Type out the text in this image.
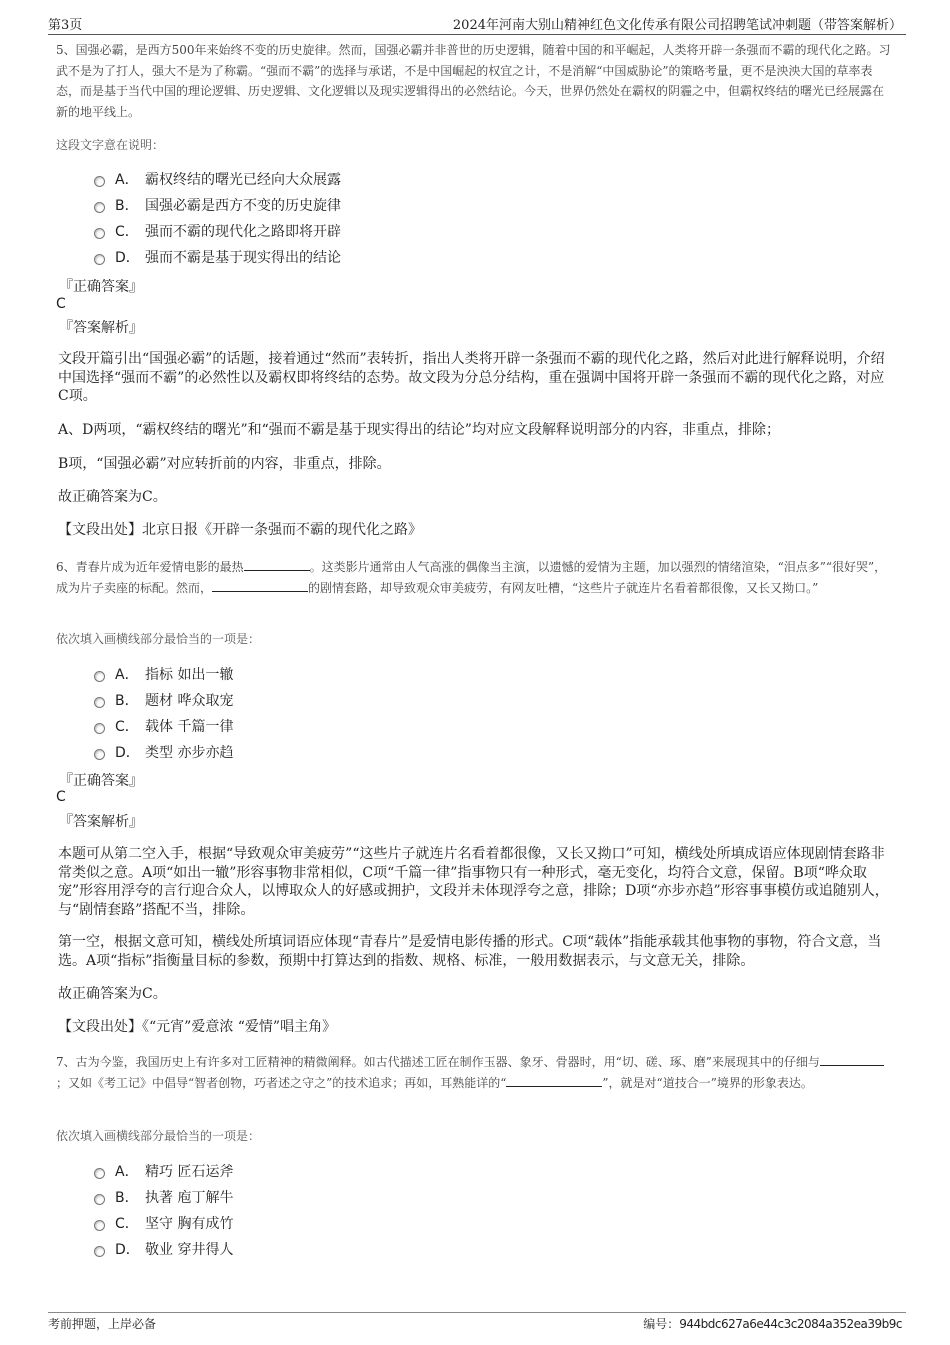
第3页	2024年河南大别山精神红色文化传承有限公司招聘笔试冲刺题（带答案解析）
5、国强必霸，是西方500年来始终不变的历史旋律。然而，国强必霸并非普世的历史逻辑，随着中国的和平崛起，人类将开辟一条强而不霸的现代化之路。习武不是为了打人，强大不是为了称霸。“强而不霸”的选择与承诺，不是中国崛起的权宜之计，不是消解“中国威胁论”的策略考量，更不是泱泱大国的草率表态，而是基于当代中国的理论逻辑、历史逻辑、文化逻辑以及现实逻辑得出的必然结论。今天，世界仍然处在霸权的阴霾之中，但霸权终结的曙光已经展露在新的地平线上。
这段文字意在说明：
A． 霸权终结的曙光已经向大众展露
B． 国强必霸是西方不变的历史旋律
C． 强而不霸的现代化之路即将开辟
D． 强而不霸是基于现实得出的结论
『正确答案』
C
『答案解析』
文段开篇引出“国强必霸”的话题，接着通过“然而”表转折，指出人类将开辟一条强而不霸的现代化之路，然后对此进行解释说明，介绍中国选择“强而不霸”的必然性以及霸权即将终结的态势。故文段为分总分结构，重在强调中国将开辟一条强而不霸的现代化之路，对应C项。
A、D两项，“霸权终结的曙光”和“强而不霸是基于现实得出的结论”均对应文段解释说明部分的内容，非重点，排除；
B项，“国强必霸”对应转折前的内容，非重点，排除。
故正确答案为C。
【文段出处】北京日报《开辟一条强而不霸的现代化之路》
6、青春片成为近年爱情电影的最热	。这类影片通常由人气高涨的偶像当主演，以遗憾的爱情为主题，加以强烈的情绪渲染，“泪点多”“很好哭”，成为片子卖座的标配。然而，	的剧情套路，却导致观众审美疲劳，有网友吐槽，“这些片子就连片名看着都很像，又长又拗口。”
依次填入画横线部分最恰当的一项是：
A． 指标 如出一辙
B． 题材 哗众取宠
C． 载体 千篇一律
D． 类型 亦步亦趋
『正确答案』
C
『答案解析』
本题可从第二空入手，根据“导致观众审美疲劳”“这些片子就连片名看着都很像，又长又拗口”可知，横线处所填成语应体现剧情套路非常类似之意。A项“如出一辙”形容事物非常相似，C项“千篇一律”指事物只有一种形式，毫无变化，均符合文意，保留。B项“哗众取宠”形容用浮夸的言行迎合众人，以博取众人的好感或拥护，文段并未体现浮夸之意，排除；D项“亦步亦趋”形容事事模仿或追随别人，与“剧情套路”搭配不当，排除。
第一空，根据文意可知，横线处所填词语应体现“青春片”是爱情电影传播的形式。C项“载体”指能承载其他事物的事物，符合文意，当选。A项“指标”指衡量目标的参数，预期中打算达到的指数、规格、标准，一般用数据表示，与文意无关，排除。
故正确答案为C。
【文段出处】《“元宵”爱意浓 “爱情”唱主角》
7、古为今鉴，我国历史上有许多对工匠精神的精微阐释。如古代描述工匠在制作玉器、象牙、骨器时，用“切、磋、琢、磨”来展现其中的仔细与；又如《考工记》中倡导“智者创物，巧者述之守之”的技术追求；再如，耳熟能详的“	”，就是对“道技合一”境界的形象表达。
依次填入画横线部分最恰当的一项是：
A． 精巧 匠石运斧
B． 执著 庖丁解牛
C． 坚守 胸有成竹
D． 敬业 穿井得人
考前押题，上岸必备	编号：944bdc627a6e44c3c2084a352ea39b9c
